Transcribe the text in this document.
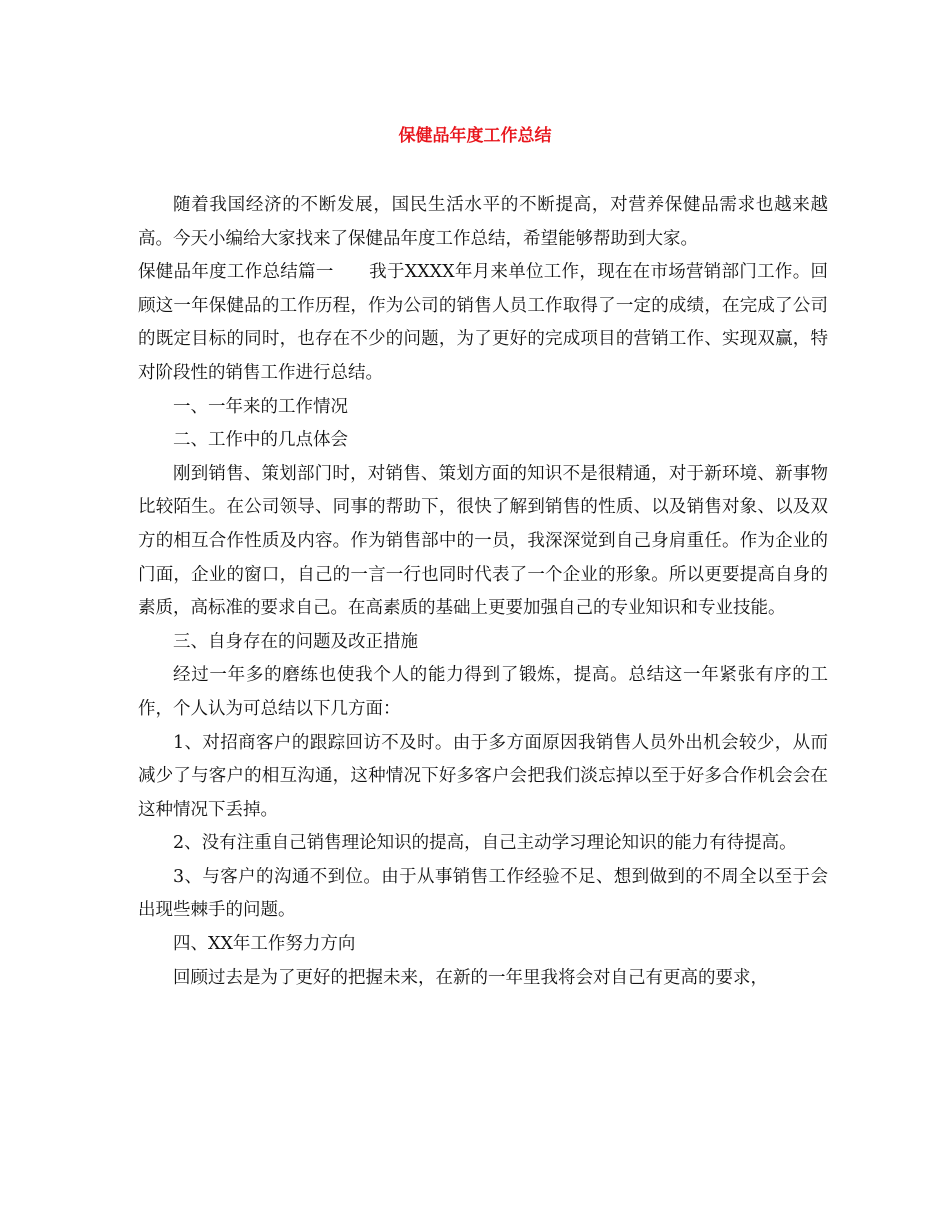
保健品年度工作总结

随着我国经济的不断发展，国民生活水平的不断提高，对营养保健品需求也越来越高。今天小编给大家找来了保健品年度工作总结，希望能够帮助到大家。

保健品年度工作总结篇一　　我于XXXX年月来单位工作，现在在市场营销部门工作。回顾这一年保健品的工作历程，作为公司的销售人员工作取得了一定的成绩，在完成了公司的既定目标的同时，也存在不少的问题，为了更好的完成项目的营销工作、实现双赢，特对阶段性的销售工作进行总结。

一、一年来的工作情况

二、工作中的几点体会

刚到销售、策划部门时，对销售、策划方面的知识不是很精通，对于新环境、新事物比较陌生。在公司领导、同事的帮助下，很快了解到销售的性质、以及销售对象、以及双方的相互合作性质及内容。作为销售部中的一员，我深深觉到自己身肩重任。作为企业的门面，企业的窗口，自己的一言一行也同时代表了一个企业的形象。所以更要提高自身的素质，高标准的要求自己。在高素质的基础上更要加强自己的专业知识和专业技能。

三、自身存在的问题及改正措施

经过一年多的磨练也使我个人的能力得到了锻炼，提高。总结这一年紧张有序的工作，个人认为可总结以下几方面：

1、对招商客户的跟踪回访不及时。由于多方面原因我销售人员外出机会较少，从而减少了与客户的相互沟通，这种情况下好多客户会把我们淡忘掉以至于好多合作机会会在这种情况下丢掉。

2、没有注重自己销售理论知识的提高，自己主动学习理论知识的能力有待提高。

3、与客户的沟通不到位。由于从事销售工作经验不足、想到做到的不周全以至于会出现些棘手的问题。

四、XX年工作努力方向

回顾过去是为了更好的把握未来，在新的一年里我将会对自己有更高的要求，
